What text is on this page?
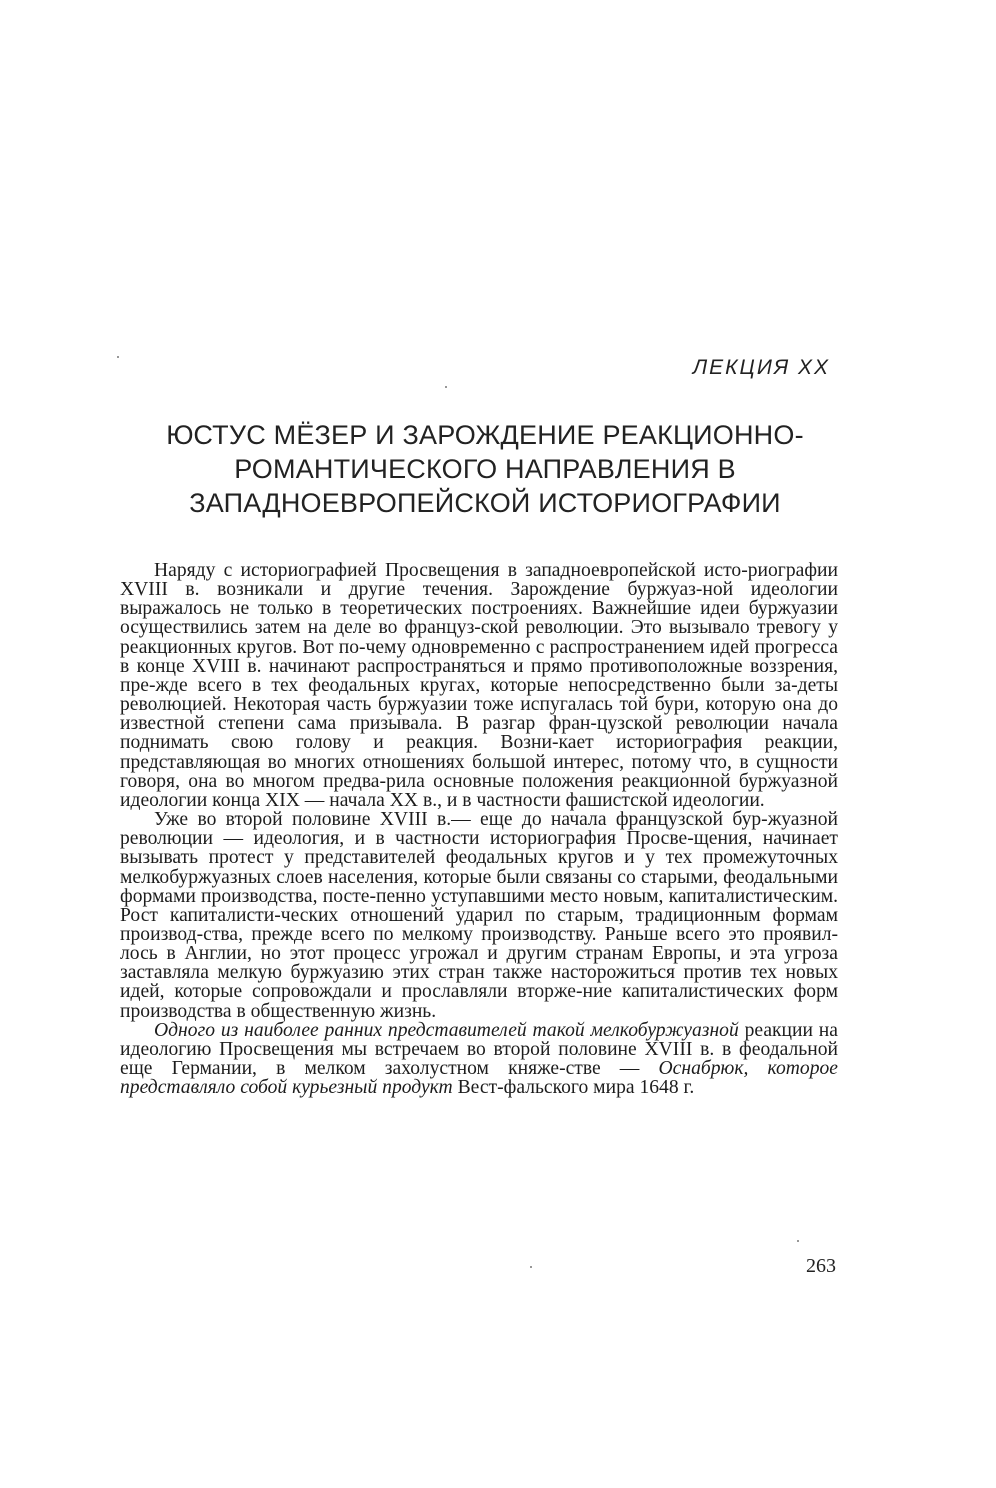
ЛЕКЦИЯ XX
ЮСТУС МЁЗЕР И ЗАРОЖДЕНИЕ РЕАКЦИОННО-
РОМАНТИЧЕСКОГО НАПРАВЛЕНИЯ В
ЗАПАДНОЕВРОПЕЙСКОЙ ИСТОРИОГРАФИИ

Наряду с историографией Просвещения в западноевропейской исто-риографии XVIII в. возникали и другие течения. Зарождение буржуаз-ной идеологии выражалось не только в теоретических построениях. Важнейшие идеи буржуазии осуществились затем на деле во француз-ской революции. Это вызывало тревогу у реакционных кругов. Вот по-чему одновременно с распространением идей прогресса в конце XVIII в. начинают распространяться и прямо противоположные воззрения, пре-жде всего в тех феодальных кругах, которые непосредственно были за-деты революцией. Некоторая часть буржуазии тоже испугалась той бури, которую она до известной степени сама призывала. В разгар фран-цузской революции начала поднимать свою голову и реакция. Возни-кает историография реакции, представляющая во многих отношениях большой интерес, потому что, в сущности говоря, она во многом предва-рила основные положения реакционной буржуазной идеологии конца XIX — начала XX в., и в частности фашистской идеологии.

Уже во второй половине XVIII в.— еще до начала французской бур-жуазной революции — идеология, и в частности историография Просве-щения, начинает вызывать протест у представителей феодальных кругов и у тех промежуточных мелкобуржуазных слоев населения, которые были связаны со старыми, феодальными формами производства, посте-пенно уступавшими место новым, капиталистическим. Рост капиталисти-ческих отношений ударил по старым, традиционным формам производ-ства, прежде всего по мелкому производству. Раньше всего это проявил-лось в Англии, но этот процесс угрожал и другим странам Европы, и эта угроза заставляла мелкую буржуазию этих стран также насторожиться против тех новых идей, которые сопровождали и прославляли вторже-ние капиталистических форм производства в общественную жизнь.

Одного из наиболее ранних представителей такой мелкобуржуазной реакции на идеологию Просвещения мы встречаем во второй половине XVIII в. в феодальной еще Германии, в мелком захолустном княже-стве — Оснабрюк, которое представляло собой курьезный продукт Вест-фальского мира 1648 г.

263
